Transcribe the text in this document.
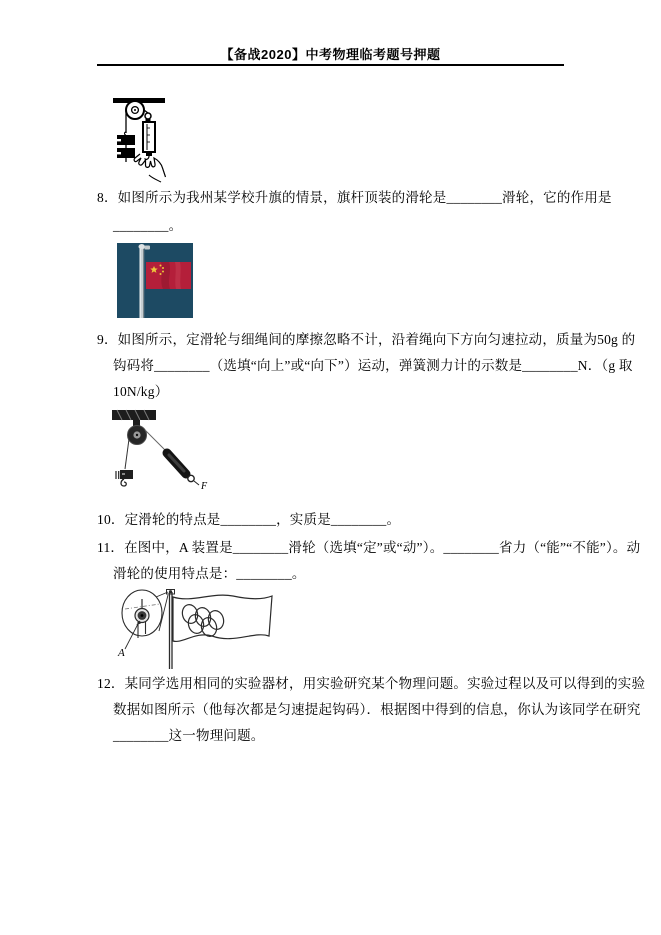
【备战2020】中考物理临考题号押题
8．如图所示为我州某学校升旗的情景，旗杆顶装的滑轮是________滑轮，它的作用是
________。
9．如图所示，定滑轮与细绳间的摩擦忽略不计，沿着绳向下方向匀速拉动，质量为50g 的
钩码将________（选填“向上”或“向下”）运动，弹簧测力计的示数是________N．（g 取
10N/kg）
F
10．定滑轮的特点是________，实质是________。
11．在图中，A 装置是________滑轮（选填“定”或“动”）。________省力（“能”“不能”）。动
滑轮的使用特点是：________。
A
12．某同学选用相同的实验器材，用实验研究某个物理问题。实验过程以及可以得到的实验
数据如图所示（他每次都是匀速提起钩码）．根据图中得到的信息，你认为该同学在研究
________这一物理问题。
